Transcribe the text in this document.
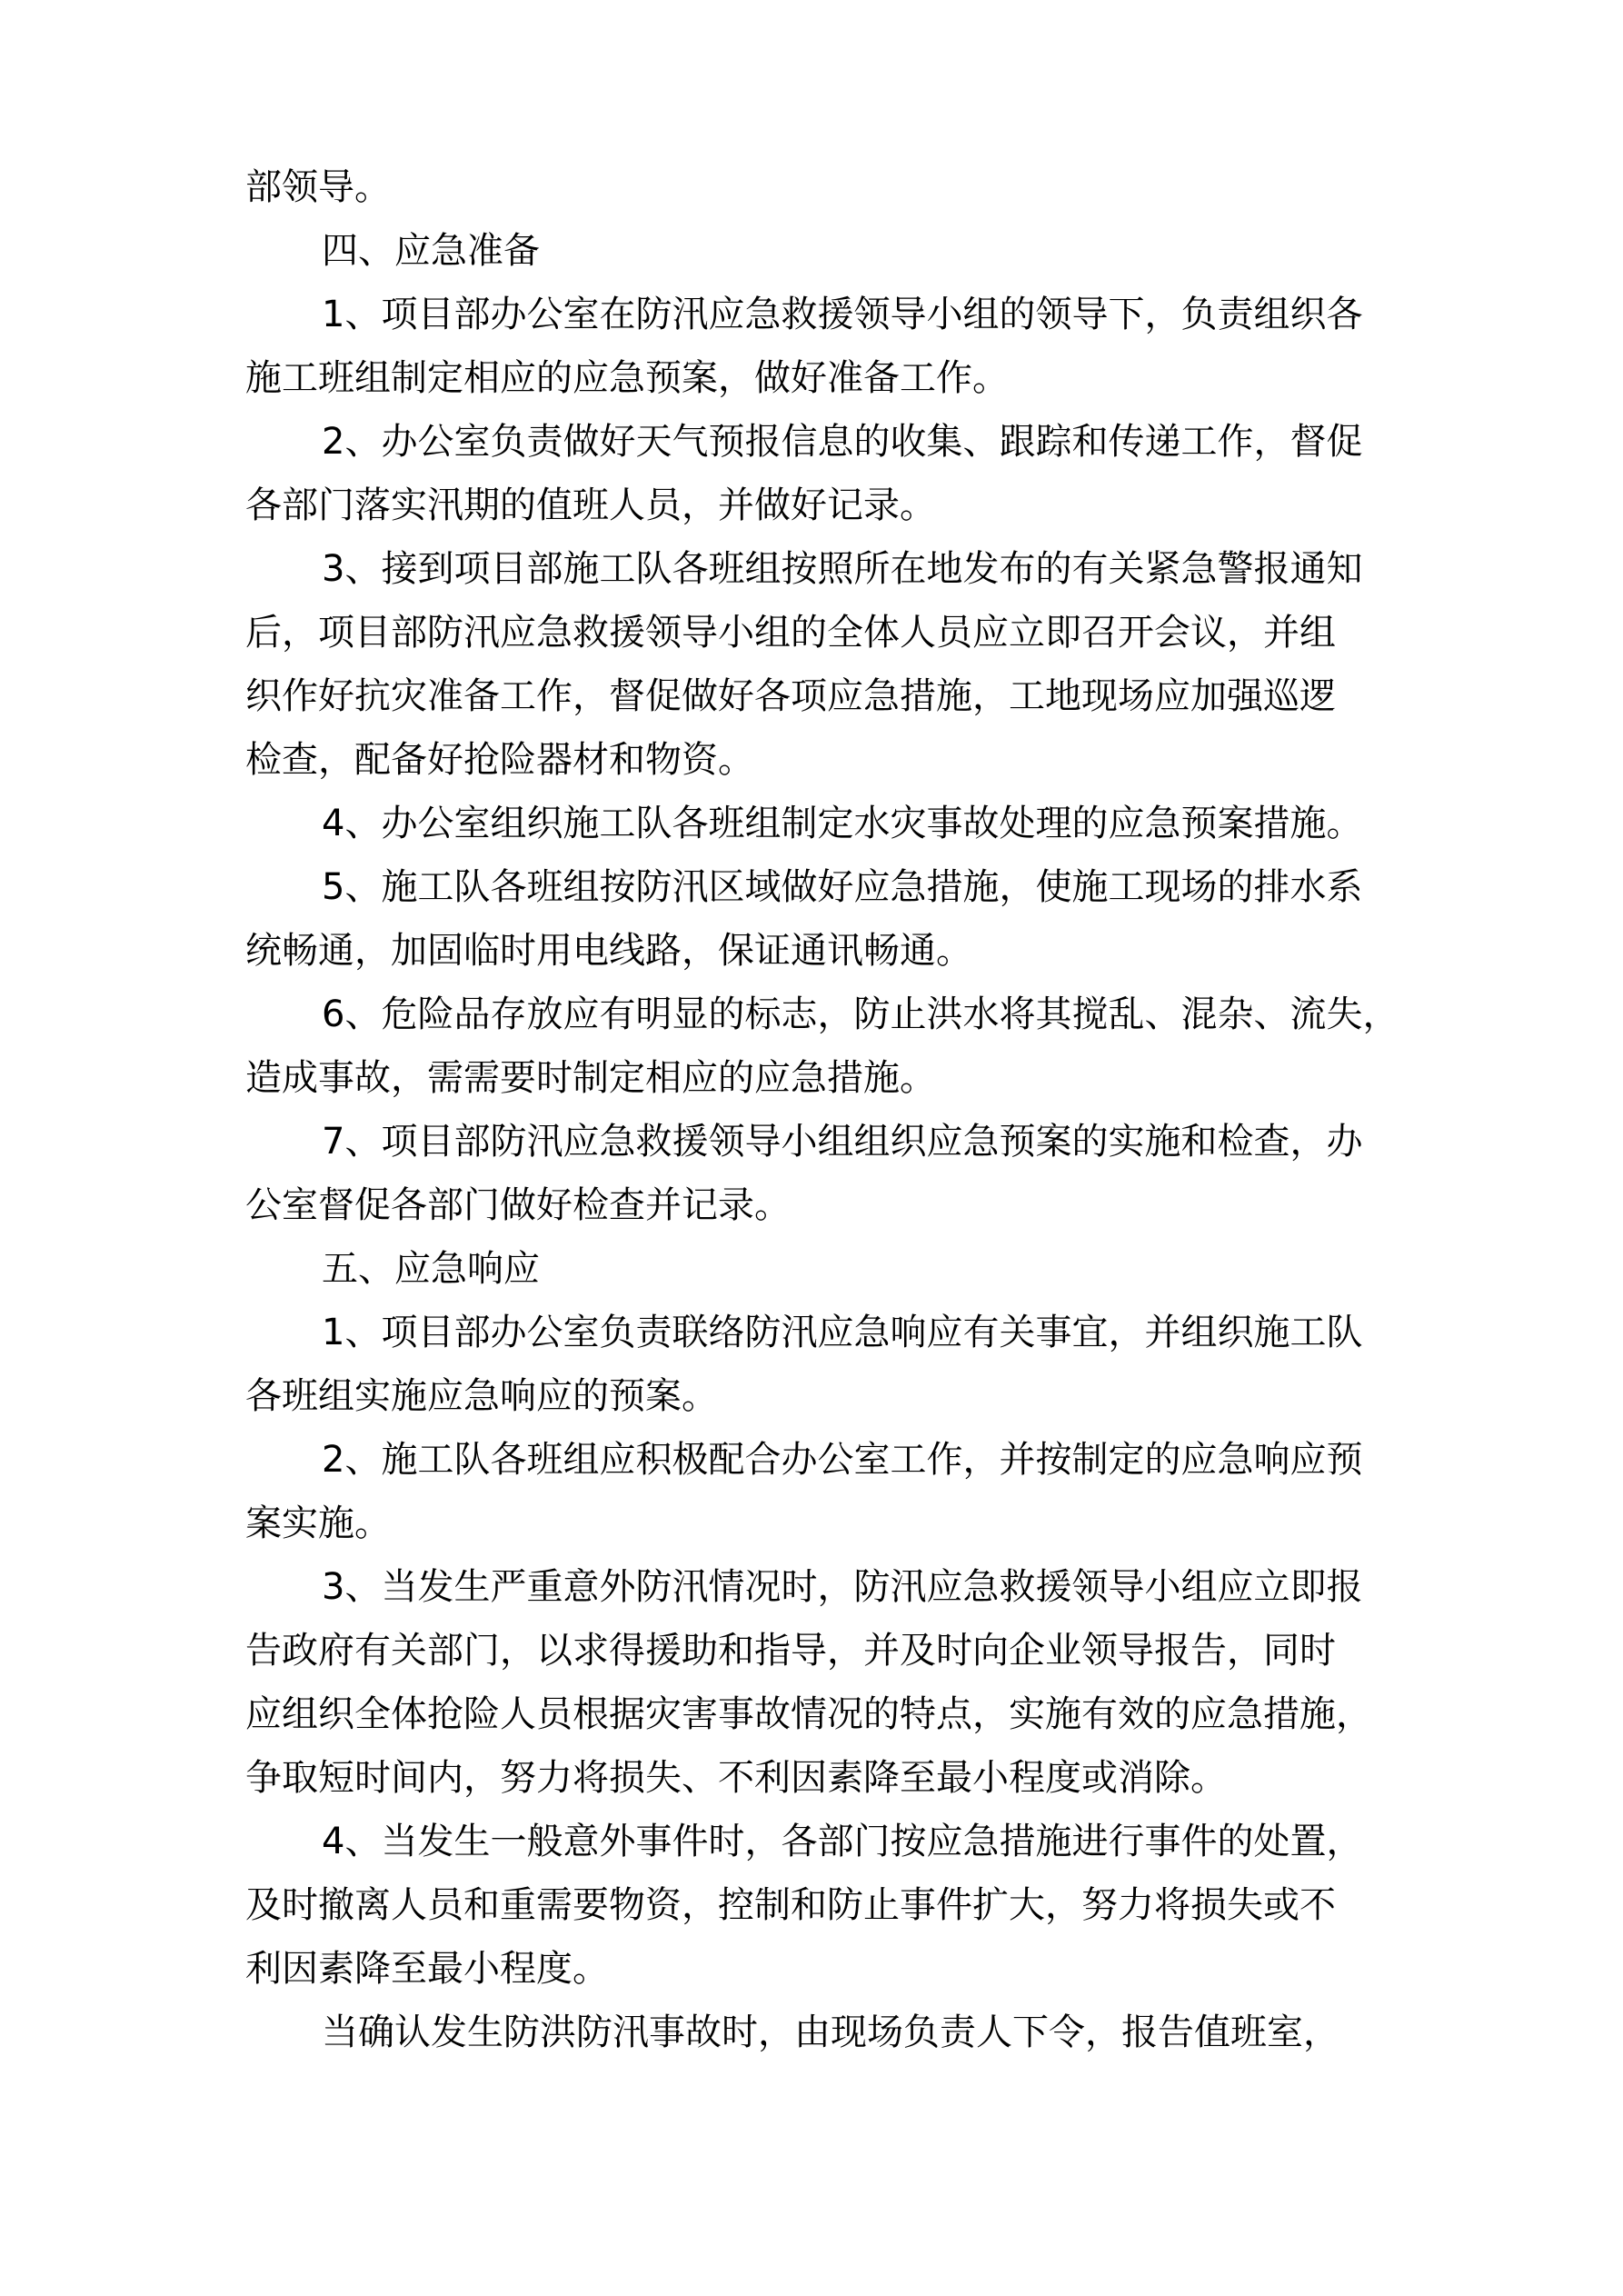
部领导。
四、应急准备
1、项目部办公室在防汛应急救援领导小组的领导下，负责组织各
施工班组制定相应的应急预案，做好准备工作。
2、办公室负责做好天气预报信息的收集、跟踪和传递工作，督促
各部门落实汛期的值班人员，并做好记录。
3、接到项目部施工队各班组按照所在地发布的有关紧急警报通知
后，项目部防汛应急救援领导小组的全体人员应立即召开会议，并组
织作好抗灾准备工作，督促做好各项应急措施，工地现场应加强巡逻
检查，配备好抢险器材和物资。
4、办公室组织施工队各班组制定水灾事故处理的应急预案措施。
5、施工队各班组按防汛区域做好应急措施，使施工现场的排水系
统畅通，加固临时用电线路，保证通讯畅通。
6、危险品存放应有明显的标志，防止洪水将其搅乱、混杂、流失，
造成事故，需需要时制定相应的应急措施。
7、项目部防汛应急救援领导小组组织应急预案的实施和检查，办
公室督促各部门做好检查并记录。
五、应急响应
1、项目部办公室负责联络防汛应急响应有关事宜，并组织施工队
各班组实施应急响应的预案。
2、施工队各班组应积极配合办公室工作，并按制定的应急响应预
案实施。
3、当发生严重意外防汛情况时，防汛应急救援领导小组应立即报
告政府有关部门，以求得援助和指导，并及时向企业领导报告，同时
应组织全体抢险人员根据灾害事故情况的特点，实施有效的应急措施，
争取短时间内，努力将损失、不利因素降至最小程度或消除。
4、当发生一般意外事件时，各部门按应急措施进行事件的处置，
及时撤离人员和重需要物资，控制和防止事件扩大，努力将损失或不
利因素降至最小程度。
当确认发生防洪防汛事故时，由现场负责人下令，报告值班室，
